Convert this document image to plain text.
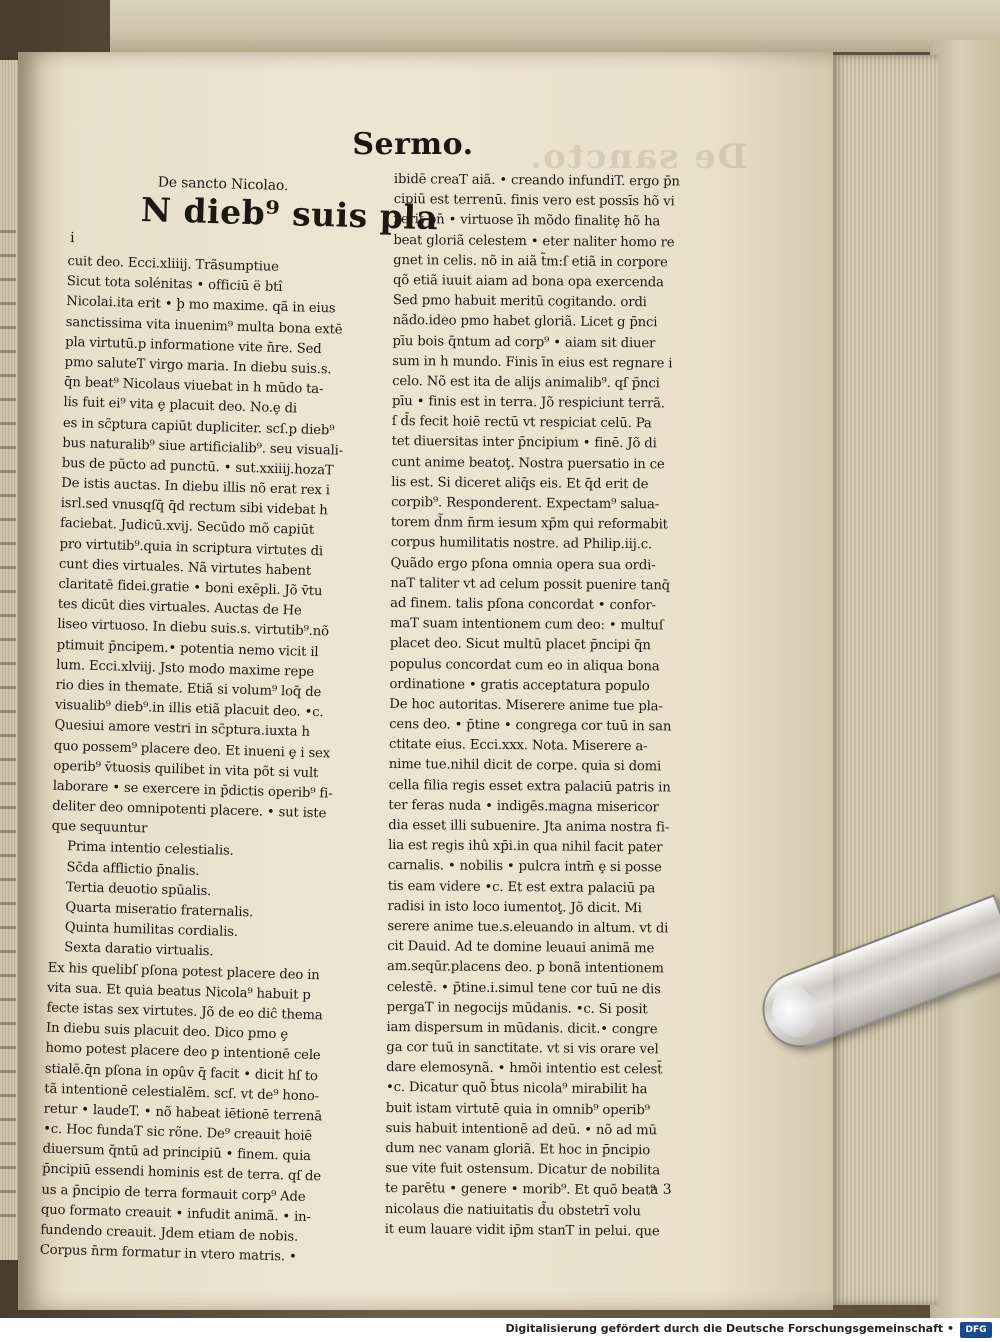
De sancto.
Sermo.
De sancto Nicolao.
i
N dieb⁹ suis pla
cuit deo. Ecci.xliiij. Trãsumptiue
Sicut tota solénitas • officiū ë btî
Nicolai.ita erit • þ mo maxime. qã in eius
sanctissima vita inuenim⁹ multa bona extē
pla virtutū.p informatione vite n̄re. Sed
pmo saluteT virgo maria. In diebu suis.s.
q̄n beat⁹ Nicolaus viuebat in h mūdo ta-
lis fuit ei⁹ vita ȩ placuit deo. No.ȩ di
es in sc̄ptura capiūt dupliciter. scſ.p dieb⁹
bus naturalib⁹ siue artificialib⁹. seu visuali-
bus de pūcto ad punctū. • sut.xxiiij.hozaT
De istis auctas. In diebu illis nõ erat rex i
isrl.sed vnusqſq̄ q̄d rectum sibi videbat h
faciebat. Judicū.xvij. Secūdo mõ capiūt
pro virtutib⁹.quia in scriptura virtutes di
cunt dies virtuales. Nã virtutes habent
claritatē fidei.gratie • boni exēpli. Jõ v̄tu
tes dicūt dies virtuales. Auctas de He
liseo virtuoso. In diebu suis.s. virtutib⁹.nõ
ptimuit p̄ncipem.• potentia nemo vicit il
lum. Ecci.xlviij. Jsto modo maxime repe
rio dies in themate. Etiã si volum⁹ loq̄ de
visualib⁹ dieb⁹.in illis etiã placuit deo. •c.
Quesiui amore vestri in sc̄ptura.iuxta h
quo possem⁹ placere deo. Et inueni ȩ i sex
operib⁹ v̄tuosis quilibet in vita põt si vult
laborare • se exercere in p̄dictis operib⁹ fi-
deliter deo omnipotenti placere. • sut iste
que sequuntur
Prima intentio celestialis.
Sc̄da afflictio p̄nalis.
Tertia deuotio spūalis.
Quarta miseratio fraternalis.
Quinta humilitas cordialis.
Sexta daratio virtualis.
Ex his quelibſ pſona potest placere deo in
vita sua. Et quia beatus Nicola⁹ habuit p
fecte istas sex virtutes. Jõ de eo diĉ thema
In diebu suis placuit deo. Dico pmo ȩ
homo potest placere deo p intentionē cele
stialē.q̄n pſona in opûv q̄ facit • dicit hſ to
tã intentionē celestialēm. scſ. vt de⁹ hono-
retur • laudeT. • nõ habeat iētionē terrenā
•c. Hoc fundaT sic rõne. De⁹ creauit hoiē
diuersum q̄ntū ad principiū • finem. quia
p̄ncipiū essendi hominis est de terra. qſ de
us a p̄ncipio de terra formauit corp⁹ Ade
quo formato creauit • infudit animã. • in-
fundendo creauit. Jdem etiam de nobis.
Corpus n̄rm formatur in vtero matris. •
ibidē creaT aiã. • creando infundiT. ergo p̄n
cipiū est terrenū. finis vero est possīs hõ vi
xerit bn̄ • virtuose īh mõdo finalitȩ hõ ha
beat gloriã celestem • eter naliter homo re
gnet in celis. nõ in aiã t̃m:ſ etiã in corpore
qõ etiã iuuit aiam ad bona opa exercenda
Sed pmo habuit meritū cogitando. ordi
nãdo.ideo pmo habet gloriã. Licet g p̄nci
pīu bois q̄ntum ad corp⁹ • aiam sit diuer
sum in h mundo. Finis īn eius est regnare i
celo. Nõ est ita de alijs animalib⁹. qſ p̄nci
pīu • finis est in terra. Jõ respiciunt terrã.
ſ d̄s fecit hoiē rectū vt respiciat celū. Pa
tet diuersitas inter p̄ncipium • finē. Jõ di
cunt anime beatoţ. Nostra puersatio in ce
lis est. Si diceret aliq̄s eis. Et q̄d erit de
corpib⁹. Responderent. Expectam⁹ salua-
torem d̃nm n̄rm iesum xp̄m qui reformabit
corpus humilitatis nostre. ad Philip.iij.c.
Quãdo ergo pſona omnia opera sua ordi-
naT taliter vt ad celum possit puenire tanq̄
ad finem. talis pſona concordat • confor-
maT suam intentionem cum deo: • multuſ
placet deo. Sicut multū placet p̄ncipi q̄n
populus concordat cum eo in aliqua bona
ordinatione • gratis acceptatura populo
De hoc autoritas. Miserere anime tue pla-
cens deo. • p̄tine • congrega cor tuū in san
ctitate eius. Ecci.xxx. Nota. Miserere a-
nime tue.nihil dicit de corpe. quia si domi
cella filia regis esset extra palaciū patris in
ter feras nuda • indigēs.magna misericor
dia esset illi subuenire. Jta anima nostra fi-
lia est regis ihû xp̄i.in qua nihil facit pater
carnalis. • nobilis • pulcra intm̄ ȩ si posse
tis eam videre •c. Et est extra palaciū pa
radisi in isto loco iumentoţ. Jõ dicit. Mi
serere anime tue.s.eleuando in altum. vt di
cit Dauid. Ad te domine leuaui animã me
am.seqūr.placens deo. p bonã intentionem
celestē. • p̄tine.i.simul tene cor tuū ne dis
pergaT in negocijs mūdanis. •c. Si posit
iam dispersum in mūdanis. dicit.• congre
ga cor tuū in sanctitate. vt si vis orare vel
dare elemosynã. • hmõi intentio est celest̄
•c. Dicatur quõ b̄tus nicola⁹ mirabilit ha
buit istam virtutē quia in omnib⁹ operib⁹
suis habuit intentionē ad deū. • nõ ad mū
dum nec vanam gloriã. Et hoc in p̄ncipio
sue vite fuit ostensum. Dicatur de nobilita
te parētu • genere • morib⁹. Et quõ beat⁹
nicolaus die natiuitatis d̃u obstetrī volu
it eum lauare vidit ip̄m stanT in pelui. que
a 3
Digitalisierung gefördert durch die Deutsche Forschungsgemeinschaft •	DFG
